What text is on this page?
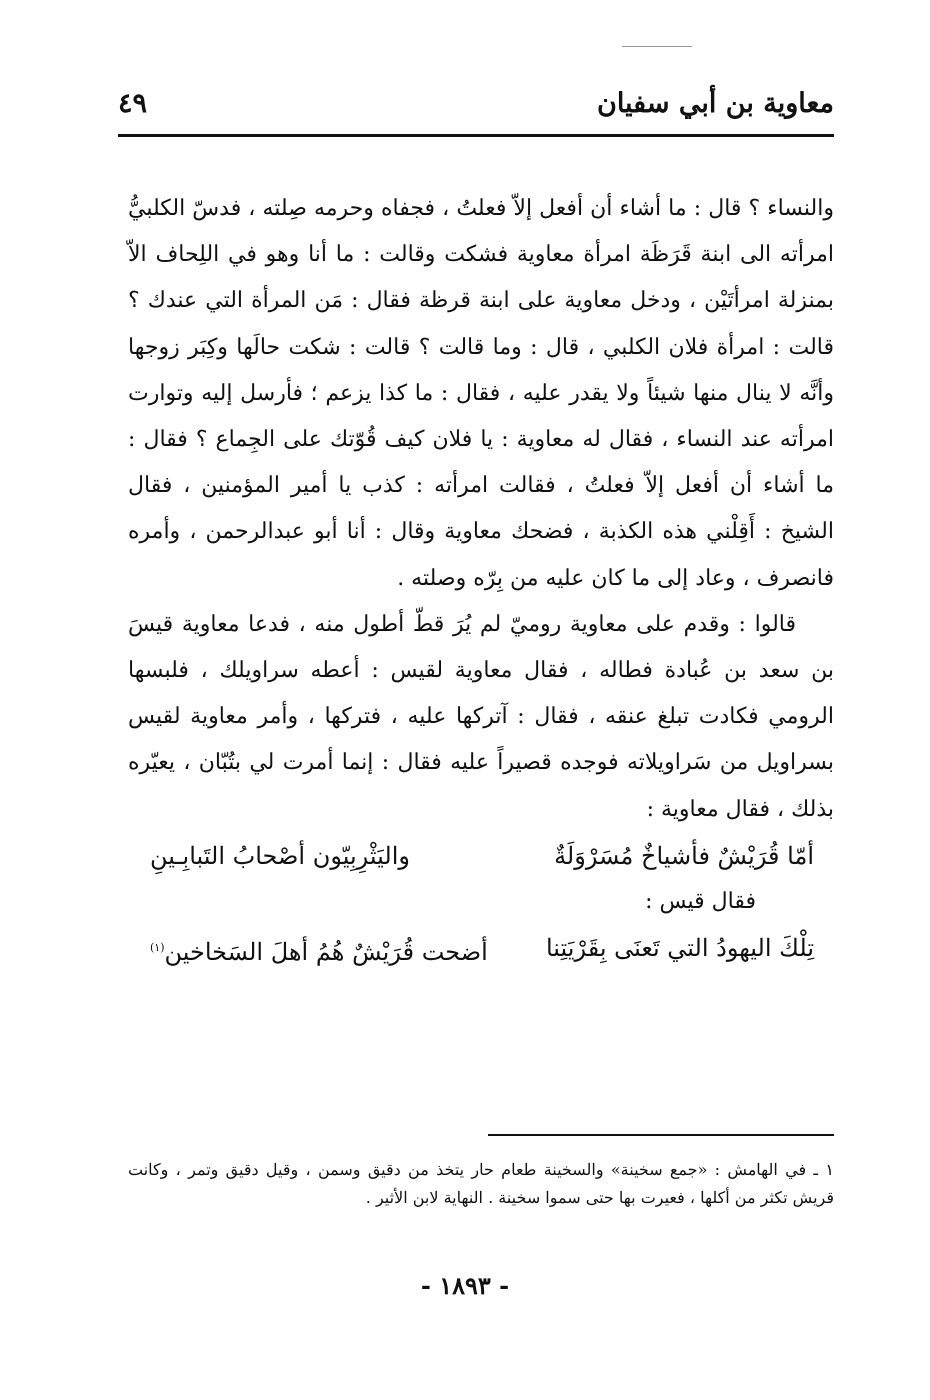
معاوية بن أبي سفيان
٤٩

والنساء ؟ قال : ما أشاء أن أفعل إلاّ فعلتُ ، فجفاه وحرمه صِلته ، فدسّ الكلبيُّ امرأته الى ابنة قَرَظَة امرأة معاوية فشكت وقالت : ما أنا وهو في اللِحاف الاّ بمنزلة امرأتَيْن ، ودخل معاوية على ابنة قرظة فقال : مَن المرأة التي عندك ؟ قالت : امرأة فلان الكلبي ، قال : وما قالت ؟ قالت : شكت حالَها وكِبَر زوجها وأنَّه لا ينال منها شيئاً ولا يقدر عليه ، فقال : ما كذا يزعم ؛ فأرسل إليه وتوارت امرأته عند النساء ، فقال له معاوية : يا فلان كيف قُوّتك على الجِماع ؟ فقال : ما أشاء أن أفعل إلاّ فعلتُ ، فقالت امرأته : كذب يا أمير المؤمنين ، فقال الشيخ : أَقِلْني هذه الكذبة ، فضحك معاوية وقال : أنا أبو عبدالرحمن ، وأمره فانصرف ، وعاد إلى ما كان عليه من بِرّه وصلته .

قالوا : وقدم على معاوية روميّ لم يُرَ قطّ أطول منه ، فدعا معاوية قيسَ بن سعد بن عُبادة فطاله ، فقال معاوية لقيس : أعطه سراويلك ، فلبسها الرومي فكادت تبلغ عنقه ، فقال : آتركها عليه ، فتركها ، وأمر معاوية لقيس بسراويل من سَراويلاته فوجده قصيراً عليه فقال : إنما أمرت لي بتُبّان ، يعيّره بذلك ، فقال معاوية :

أمّا قُرَيْشٌ فأشياخٌ مُسَرْوَلَةٌ
واليَثْرِبِيّون أصْحابُ التَبابِـينِ
فقال قيس :
تِلْكَ اليهودُ التي تَعنَى بِقَرْيَتِنا
أضحت قُرَيْشٌ هُمُ أهلَ السَخاخين$^{(١)}$

١ ـ في الهامش : «جمع سخينة» والسخينة طعام حار يتخذ من دقيق وسمن ، وقيل دقيق وتمر ، وكانت قريش تكثر من أكلها ، فعيرت بها حتى سموا سخينة . النهاية لابن الأثير .

- ١٨٩٣ -
